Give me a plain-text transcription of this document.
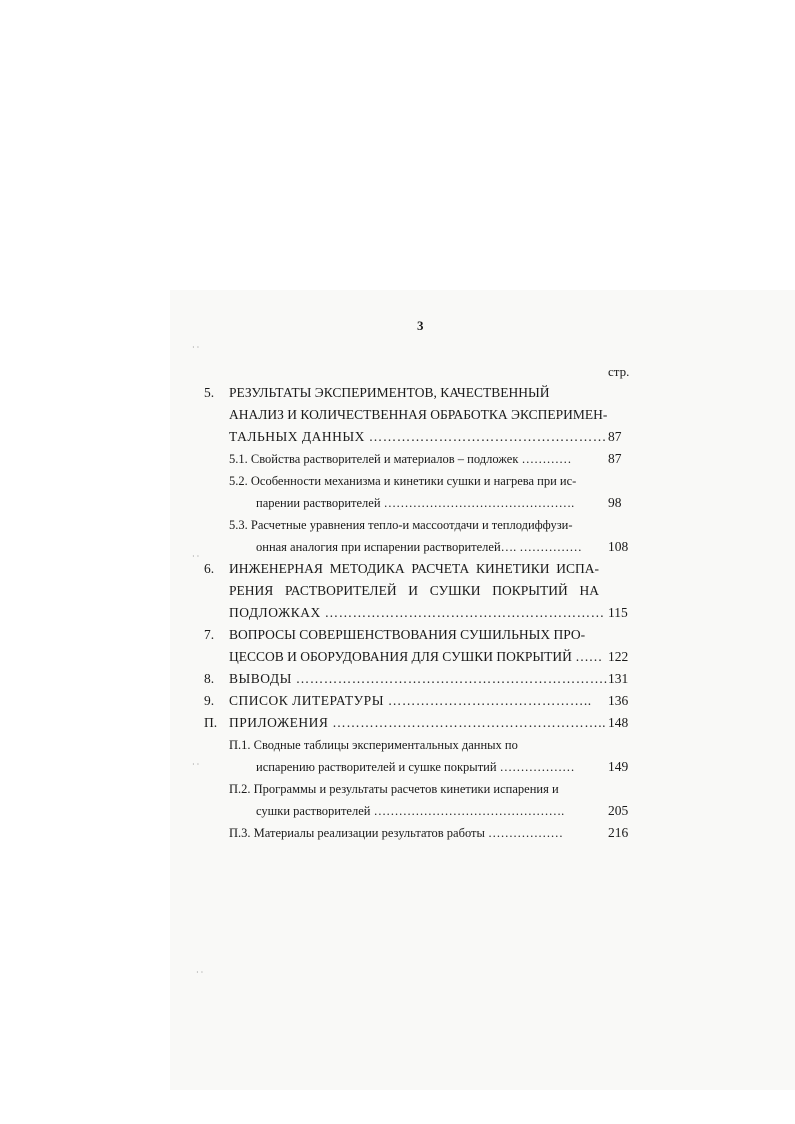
3
стр.
· ·
· ·
· ·
· ·
5. РЕЗУЛЬТАТЫ ЭКСПЕРИМЕНТОВ, КАЧЕСТВЕННЫЙ
АНАЛИЗ И КОЛИЧЕСТВЕННАЯ ОБРАБОТКА ЭКСПЕРИМЕН-
ТАЛЬНЫХ ДАННЫХ …………………………………………… 87
5.1. Свойства растворителей и материалов – подложек …………	87
5.2. Особенности механизма и кинетики сушки и нагрева при ис-
парении растворителей ………………………………………. 98
5.3. Расчетные уравнения тепло-и массоотдачи и теплодиффузи-
онная аналогия при испарении растворителей…. …………… 108
6. ИНЖЕНЕРНАЯ МЕТОДИКА РАСЧЕТА КИНЕТИКИ ИСПА-
РЕНИЯ РАСТВОРИТЕЛЕЙ И СУШКИ ПОКРЫТИЙ НА
ПОДЛОЖКАХ …………………………………………………… 115
7. ВОПРОСЫ СОВЕРШЕНСТВОВАНИЯ СУШИЛЬНЫХ ПРО-
ЦЕССОВ И ОБОРУДОВАНИЯ ДЛЯ СУШКИ ПОКРЫТИЙ …… 122
8. ВЫВОДЫ …………………………………………………………. 131
9. СПИСОК ЛИТЕРАТУРЫ …………………………………….. 136
П. ПРИЛОЖЕНИЯ ………………………………………………….. 148
П.1. Сводные таблицы экспериментальных данных по
испарению растворителей и сушке покрытий ……………… 149
П.2. Программы и результаты расчетов кинетики испарения и
сушки растворителей ……………………………………….	205
П.3. Материалы реализации результатов работы ………………	216
